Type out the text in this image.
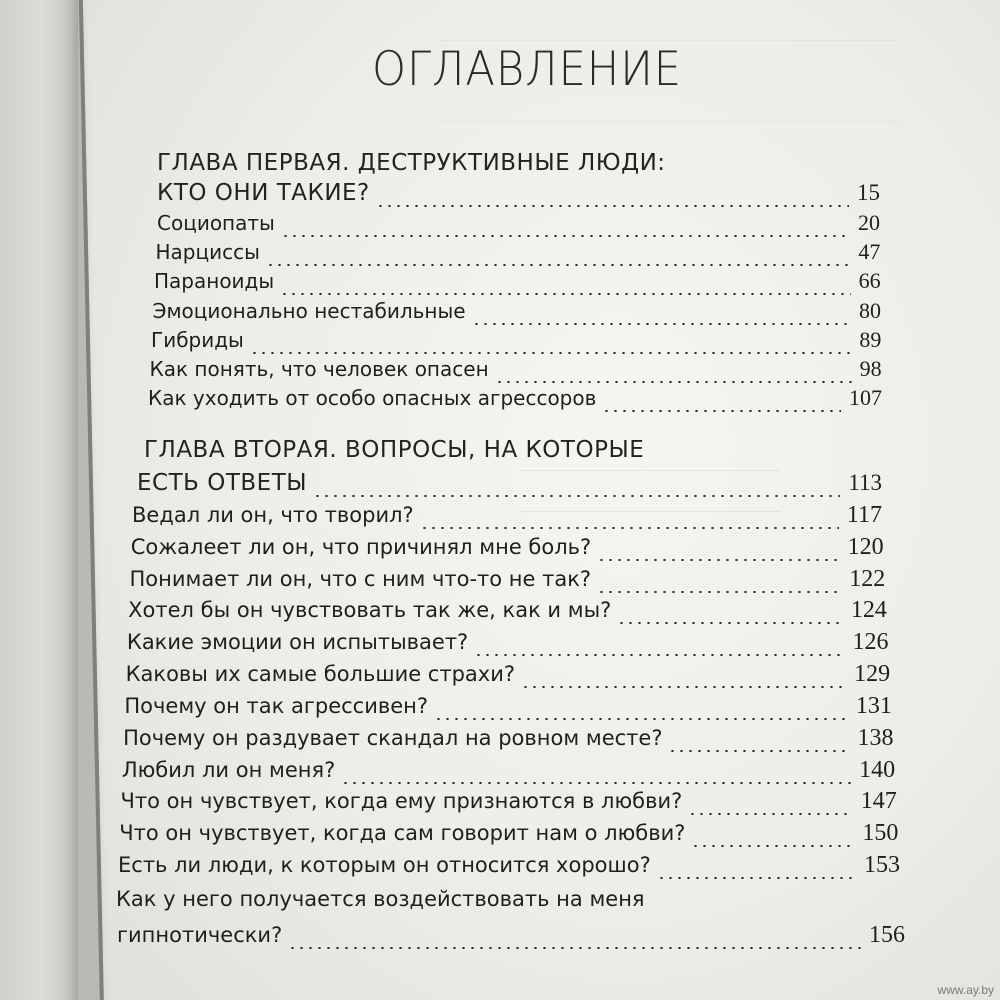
ОГЛАВЛЕНИЕ
ГЛАВА ПЕРВАЯ. ДЕСТРУКТИВНЫЕ ЛЮДИ:
КТО ОНИ ТАКИЕ?	15
Социопаты	20
Нарциссы	47
Параноиды	66
Эмоционально нестабильные	80
Гибриды	89
Как понять, что человек опасен	98
Как уходить от особо опасных агрессоров	107
ГЛАВА ВТОРАЯ. ВОПРОСЫ, НА КОТОРЫЕ
ЕСТЬ ОТВЕТЫ	113
Ведал ли он, что творил?	117
Сожалеет ли он, что причинял мне боль?	120
Понимает ли он, что с ним что-то не так?	122
Хотел бы он чувствовать так же, как и мы?	124
Какие эмоции он испытывает?	126
Каковы их самые большие страхи?	129
Почему он так агрессивен?	131
Почему он раздувает скандал на ровном месте?	138
Любил ли он меня?	140
Что он чувствует, когда ему признаются в любви?	147
Что он чувствует, когда сам говорит нам о любви?	150
Есть ли люди, к которым он относится хорошо?	153
Как у него получается воздействовать на меня
гипнотически?	156
www.ay.by
